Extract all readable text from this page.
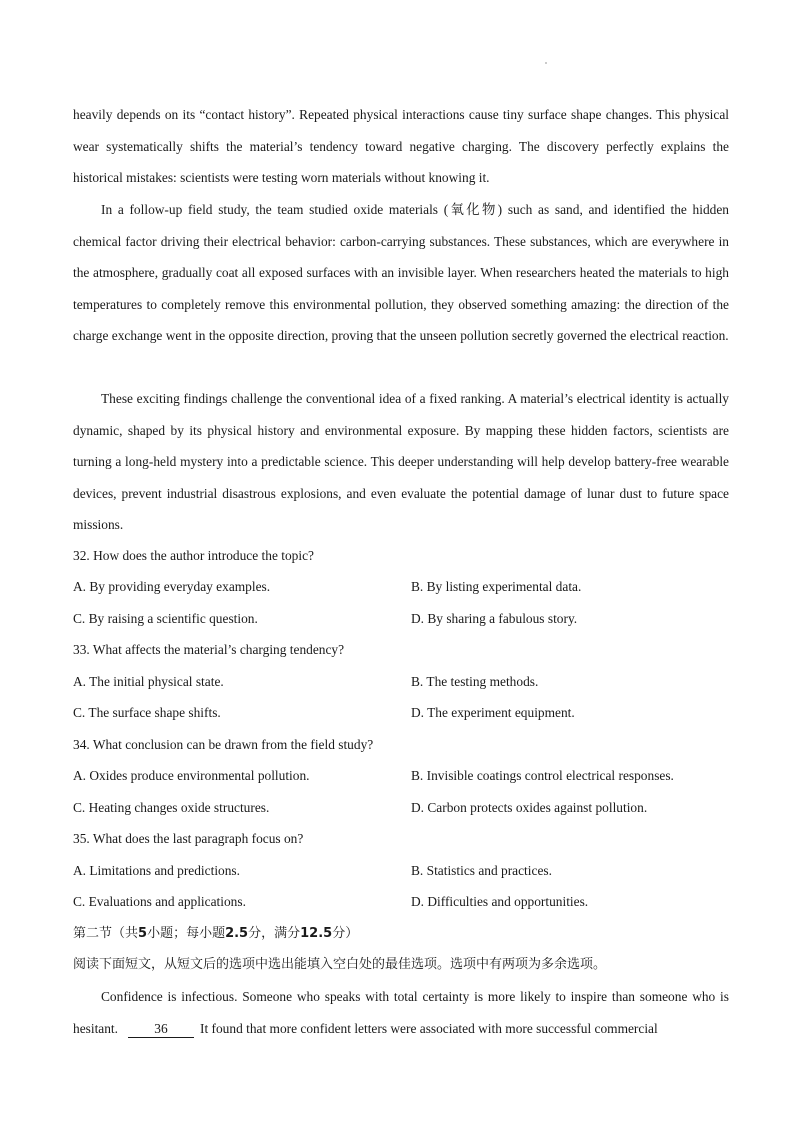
heavily depends on its “contact history”. Repeated physical interactions cause tiny surface shape changes. This physical wear systematically shifts the material’s tendency toward negative charging. The discovery perfectly explains the historical mistakes: scientists were testing worn materials without knowing it.
In a follow-up field study, the team studied oxide materials (氧化物) such as sand, and identified the hidden chemical factor driving their electrical behavior: carbon-carrying substances. These substances, which are everywhere in the atmosphere, gradually coat all exposed surfaces with an invisible layer. When researchers heated the materials to high temperatures to completely remove this environmental pollution, they observed something amazing: the direction of the charge exchange went in the opposite direction, proving that the unseen pollution secretly governed the electrical reaction.
These exciting findings challenge the conventional idea of a fixed ranking. A material’s electrical identity is actually dynamic, shaped by its physical history and environmental exposure. By mapping these hidden factors, scientists are turning a long-held mystery into a predictable science. This deeper understanding will help develop battery-free wearable devices, prevent industrial disastrous explosions, and even evaluate the potential damage of lunar dust to future space missions.
32. How does the author introduce the topic?
A. By providing everyday examples.	B. By listing experimental data.
C. By raising a scientific question.	D. By sharing a fabulous story.
33. What affects the material’s charging tendency?
A. The initial physical state.	B. The testing methods.
C. The surface shape shifts.	D. The experiment equipment.
34. What conclusion can be drawn from the field study?
A. Oxides produce environmental pollution.	B. Invisible coatings control electrical responses.
C. Heating changes oxide structures.	D. Carbon protects oxides against pollution.
35. What does the last paragraph focus on?
A. Limitations and predictions.	B. Statistics and practices.
C. Evaluations and applications.	D. Difficulties and opportunities.
第二节（共5小题；每小题2.5分，满分12.5分）
阅读下面短文，从短文后的选项中选出能填入空白处的最佳选项。选项中有两项为多余选项。
Confidence is infectious. Someone who speaks with total certainty is more likely to inspire than someone who is hesitant.	36 It found that more confident letters were associated with more successful commercial
